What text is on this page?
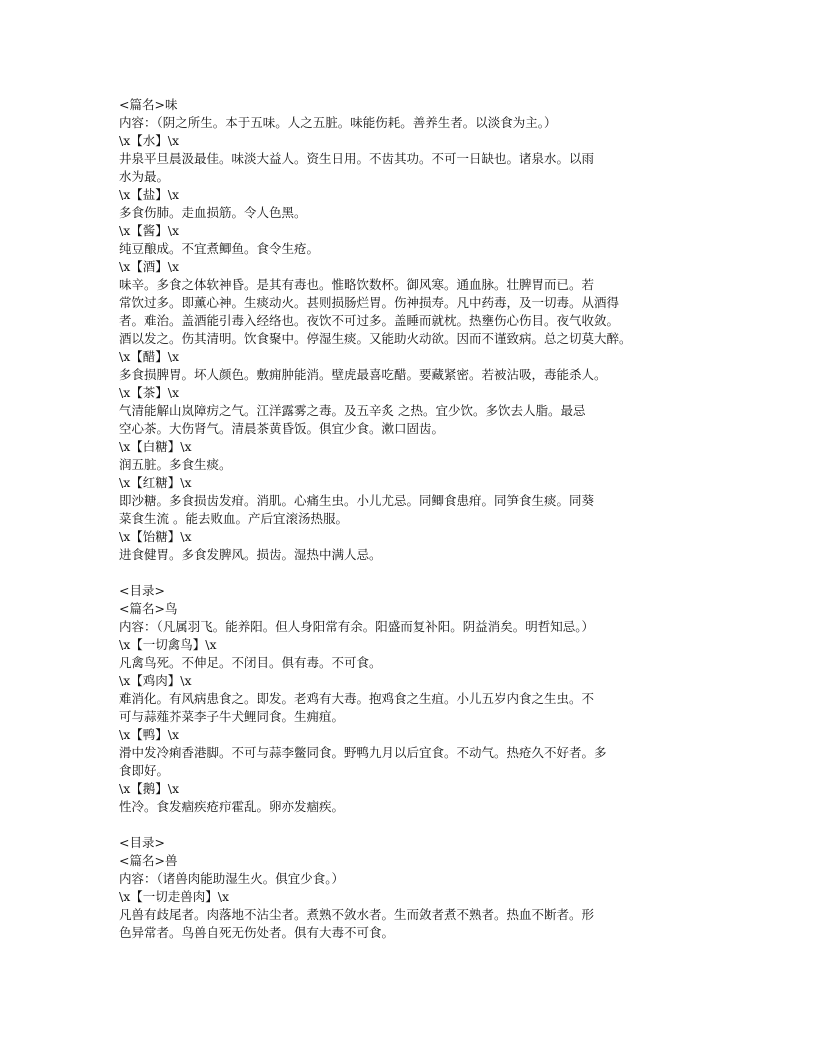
<篇名>味
内容：（阴之所生。本于五味。人之五脏。味能伤耗。善养生者。以淡食为主。）
\x【水】\x
井泉平旦晨汲最佳。味淡大益人。资生日用。不齿其功。不可一日缺也。诸泉水。以雨
水为最。
\x【盐】\x
多食伤肺。走血损筋。令人色黑。
\x【酱】\x
纯豆酿成。不宜煮鲫鱼。食令生疮。
\x【酒】\x
味辛。多食之体软神昏。是其有毒也。惟略饮数杯。御风寒。通血脉。壮脾胃而已。若
常饮过多。即薰心神。生痰动火。甚则损肠烂胃。伤神损寿。凡中药毒，及一切毒。从酒得
者。难治。盖酒能引毒入经络也。夜饮不可过多。盖睡而就枕。热壅伤心伤目。夜气收敛。
酒以发之。伤其清明。饮食聚中。停湿生痰。又能助火动欲。因而不谨致病。总之切莫大醉。
\x【醋】\x
多食损脾胃。坏人颜色。敷痈肿能消。壁虎最喜吃醋。要藏紧密。若被沾吸，毒能杀人。
\x【茶】\x
气清能解山岚障疠之气。江洋露雾之毒。及五辛炙 之热。宜少饮。多饮去人脂。最忌
空心茶。大伤肾气。清晨茶黄昏饭。俱宜少食。漱口固齿。
\x【白糖】\x
润五脏。多食生痰。
\x【红糖】\x
即沙糖。多食损齿发疳。消肌。心痛生虫。小儿尤忌。同鲫食患疳。同笋食生痰。同葵
菜食生流 。能去败血。产后宜滚汤热服。
\x【饴糖】\x
进食健胃。多食发脾风。损齿。湿热中满人忌。
<目录>
<篇名>鸟
内容：（凡属羽飞。能养阳。但人身阳常有余。阳盛而复补阳。阴益消矣。明哲知忌。）
\x【一切禽鸟】\x
凡禽鸟死。不伸足。不闭目。俱有毒。不可食。
\x【鸡肉】\x
难消化。有风病患食之。即发。老鸡有大毒。抱鸡食之生疽。小儿五岁内食之生虫。不
可与蒜薤芥菜李子牛犬鲤同食。生痈疽。
\x【鸭】\x
滑中发冷痢香港脚。不可与蒜李鳖同食。野鸭九月以后宜食。不动气。热疮久不好者。多
食即好。
\x【鹅】\x
性冷。食发痼疾疮疖霍乱。卵亦发痼疾。
<目录>
<篇名>兽
内容：（诸兽肉能助湿生火。俱宜少食。）
\x【一切走兽肉】\x
凡兽有歧尾者。肉落地不沾尘者。煮熟不敛水者。生而敛者煮不熟者。热血不断者。形
色异常者。鸟兽自死无伤处者。俱有大毒不可食。
